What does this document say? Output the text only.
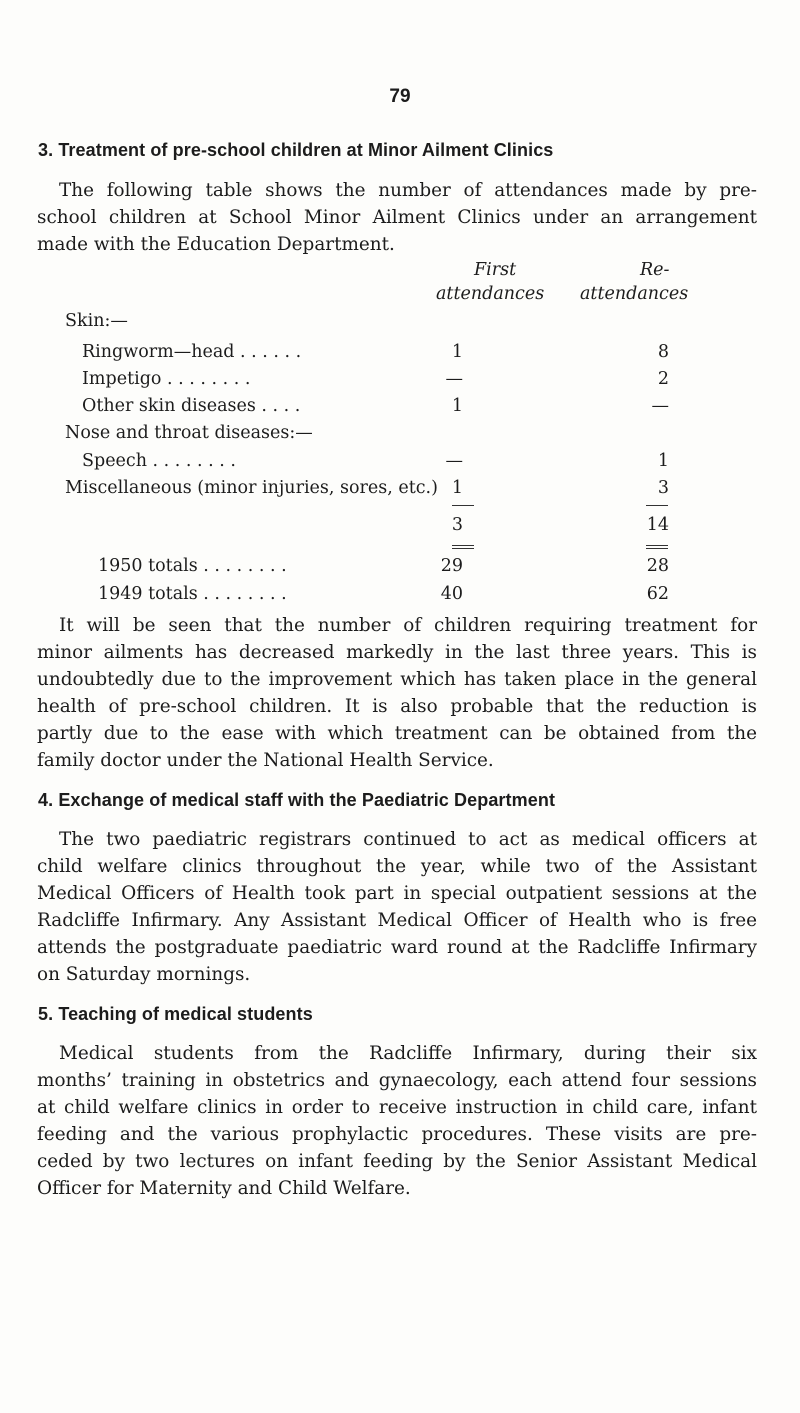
79
3. Treatment of pre-school children at Minor Ailment Clinics
The following table shows the number of attendances made by pre-
school children at School Minor Ailment Clinics under an arrangement
made with the Education Department.
First
attendances
Re-
attendances
Skin:—
Ringworm—head . . . . . .	1	8
Impetigo . . . . . . . .	—	2
Other skin diseases . . . .	1	—
Nose and throat diseases:—
Speech . . . . . . . .	—	1
Miscellaneous (minor injuries, sores, etc.) 1	3
3	14
1950 totals . . . . . . . .	29	28
1949 totals . . . . . . . .	40	62
It will be seen that the number of children requiring treatment for
minor ailments has decreased markedly in the last three years. This is
undoubtedly due to the improvement which has taken place in the general
health of pre-school children. It is also probable that the reduction is
partly due to the ease with which treatment can be obtained from the
family doctor under the National Health Service.
4. Exchange of medical staff with the Paediatric Department
The two paediatric registrars continued to act as medical officers at
child welfare clinics throughout the year, while two of the Assistant
Medical Officers of Health took part in special outpatient sessions at the
Radcliffe Infirmary. Any Assistant Medical Officer of Health who is free
attends the postgraduate paediatric ward round at the Radcliffe Infirmary
on Saturday mornings.
5. Teaching of medical students
Medical students from the Radcliffe Infirmary, during their six
months’ training in obstetrics and gynaecology, each attend four sessions
at child welfare clinics in order to receive instruction in child care, infant
feeding and the various prophylactic procedures. These visits are pre-
ceded by two lectures on infant feeding by the Senior Assistant Medical
Officer for Maternity and Child Welfare.
